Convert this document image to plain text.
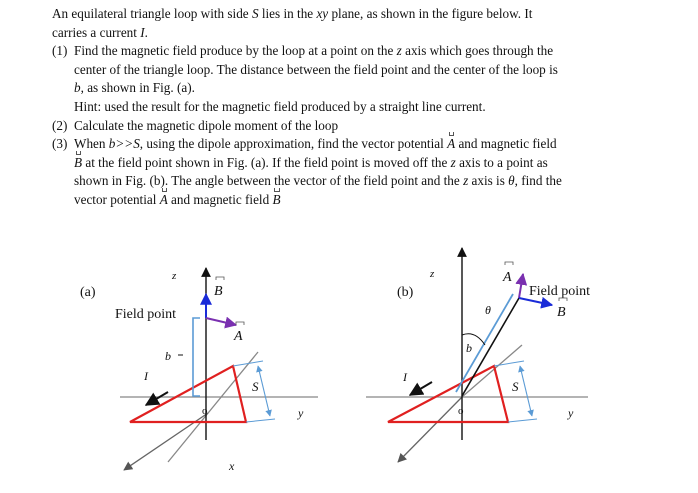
An equilateral triangle loop with side S lies in the xy plane, as shown in the figure below. It

carries a current I.

(1) Find the magnetic field produce by the loop at a point on the z axis which goes through the

center of the triangle loop. The distance between the field point and the center of the loop is

b, as shown in Fig. (a).

Hint: used the result for the magnetic field produced by a straight line current.

(2) Calculate the magnetic dipole moment of the loop

(3) When b>>S, using the dipole approximation, find the vector potential A and magnetic field

B at the field point shown in Fig. (a). If the field point is moved off the z axis to a point as

shown in Fig. (b). The angle between the vector of the field point and the z axis is θ, find the

vector potential A and magnetic field B

(a)
z
Field point
B
A
b
I
o
S
y
x
(b)
z	A
Field point
B
θ
b
I
o
S
y
